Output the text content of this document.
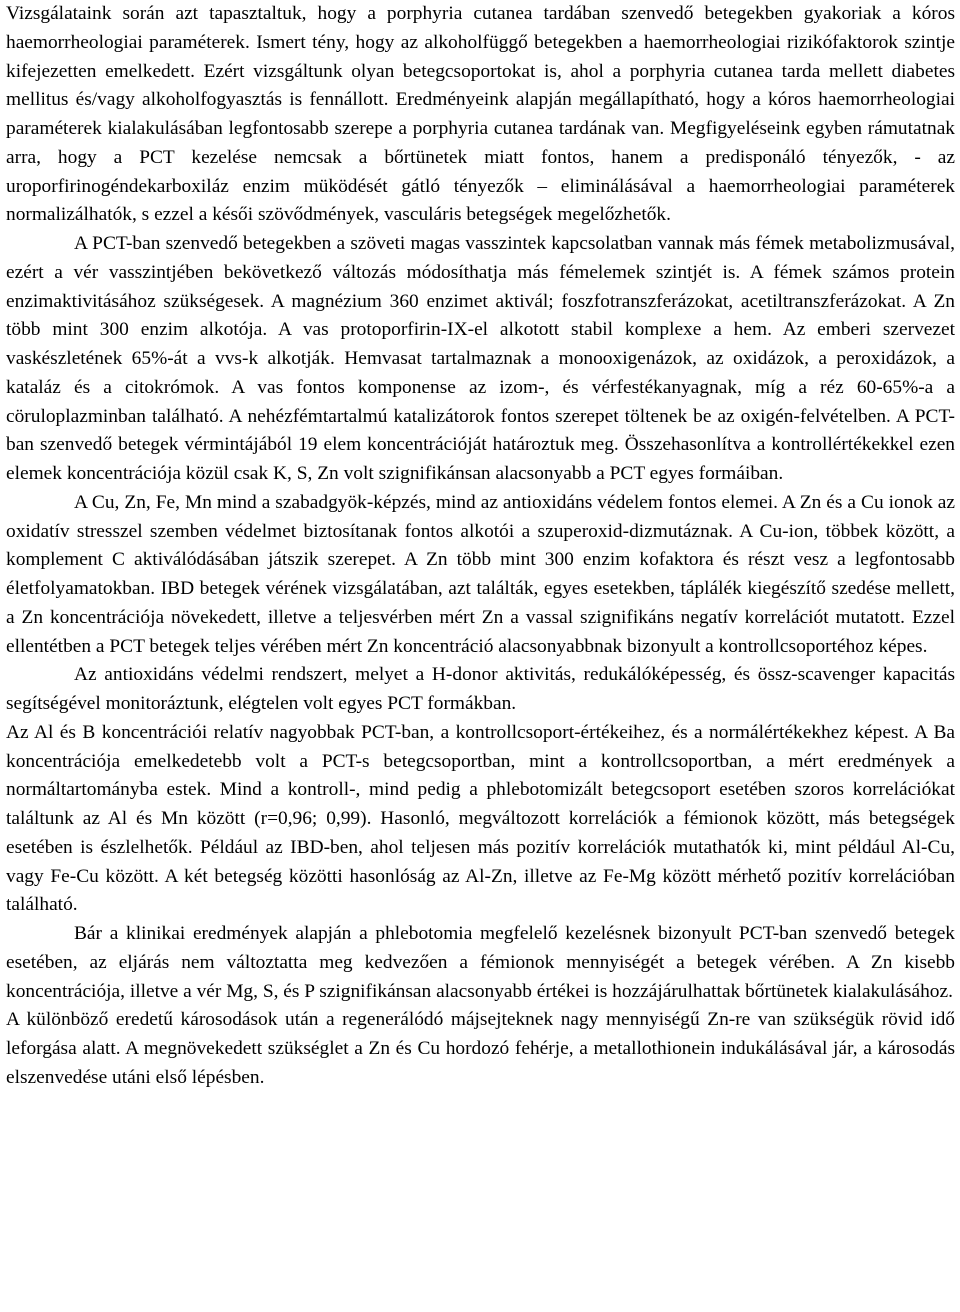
Vizsgálataink során azt tapasztaltuk, hogy a porphyria cutanea tardában szenvedő betegekben gyakoriak a kóros haemorrheologiai paraméterek. Ismert tény, hogy az alkoholfüggő betegekben a haemorrheologiai rizikófaktorok szintje kifejezetten emelkedett. Ezért vizsgáltunk olyan betegcsoportokat is, ahol a porphyria cutanea tarda mellett diabetes mellitus és/vagy alkoholfogyasztás is fennállott. Eredményeink alapján megállapítható, hogy a kóros haemorrheologiai paraméterek kialakulásában legfontosabb szerepe a porphyria cutanea tardának van. Megfigyeléseink egyben rámutatnak arra, hogy a PCT kezelése nemcsak a bőrtünetek miatt fontos, hanem a predisponáló tényezők, - az uroporfirinogéndekarboxiláz enzim müködését gátló tényezők – eliminálásával a haemorrheologiai paraméterek normalizálhatók, s ezzel a késői szövődmények, vasculáris betegségek megelőzhetők.

A PCT-ban szenvedő betegekben a szöveti magas vasszintek kapcsolatban vannak más fémek metabolizmusával, ezért a vér vasszintjében bekövetkező változás módosíthatja más fémelemek szintjét is. A fémek számos protein enzimaktivitásához szükségesek. A magnézium 360 enzimet aktivál; foszfotranszferázokat, acetiltranszferázokat. A Zn több mint 300 enzim alkotója. A vas protoporfirin-IX-el alkotott stabil komplexe a hem. Az emberi szervezet vaskészletének 65%-át a vvs-k alkotják. Hemvasat tartalmaznak a monooxigenázok, az oxidázok, a peroxidázok, a kataláz és a citokrómok. A vas fontos komponense az izom-, és vérfestékanyagnak, míg a réz 60-65%-a a cöruloplazminban található. A nehézfémtartalmú katalizátorok fontos szerepet töltenek be az oxigén-felvételben. A PCT-ban szenvedő betegek vérmintájából 19 elem koncentrációját határoztuk meg. Összehasonlítva a kontrollértékekkel ezen elemek koncentrációja közül csak K, S, Zn volt szignifikánsan alacsonyabb a PCT egyes formáiban.

A Cu, Zn, Fe, Mn mind a szabadgyök-képzés, mind az antioxidáns védelem fontos elemei. A Zn és a Cu ionok az oxidatív stresszel szemben védelmet biztosítanak fontos alkotói a szuperoxid-dizmutáznak. A Cu-ion, többek között, a komplement C aktiválódásában játszik szerepet. A Zn több mint 300 enzim kofaktora és részt vesz a legfontosabb életfolyamatokban. IBD betegek vérének vizsgálatában, azt találták, egyes esetekben, táplálék kiegészítő szedése mellett, a Zn koncentrációja növekedett, illetve a teljesvérben mért Zn a vassal szignifikáns negatív korrelációt mutatott. Ezzel ellentétben a PCT betegek teljes vérében mért Zn koncentráció alacsonyabbnak bizonyult a kontrollcsoportéhoz képes.

Az antioxidáns védelmi rendszert, melyet a H-donor aktivitás, redukálóképesség, és össz-scavenger kapacitás segítségével monitoráztunk, elégtelen volt egyes PCT formákban.

Az Al és B koncentrációi relatív nagyobbak PCT-ban, a kontrollcsoport-értékeihez, és a normálértékekhez képest. A Ba koncentrációja emelkedetebb volt a PCT-s betegcsoportban, mint a kontrollcsoportban, a mért eredmények a normáltartományba estek. Mind a kontroll-, mind pedig a phlebotomizált betegcsoport esetében szoros korrelációkat találtunk az Al és Mn között (r=0,96; 0,99). Hasonló, megváltozott korrelációk a fémionok között, más betegségek esetében is észlelhetők. Például az IBD-ben, ahol teljesen más pozitív korrelációk mutathatók ki, mint például Al-Cu, vagy Fe-Cu között. A két betegség közötti hasonlóság az Al-Zn, illetve az Fe-Mg között mérhető pozitív korrelációban található.

Bár a klinikai eredmények alapján a phlebotomia megfelelő kezelésnek bizonyult PCT-ban szenvedő betegek esetében, az eljárás nem változtatta meg kedvezően a fémionok mennyiségét a betegek vérében. A Zn kisebb koncentrációja, illetve a vér Mg, S, és P szignifikánsan alacsonyabb értékei is hozzájárulhattak bőrtünetek kialakulásához.

A különböző eredetű károsodások után a regenerálódó májsejteknek nagy mennyiségű Zn-re van szükségük rövid idő leforgása alatt. A megnövekedett szükséglet a Zn és Cu hordozó fehérje, a metallothionein indukálásával jár, a károsodás elszenvedése utáni első lépésben.
